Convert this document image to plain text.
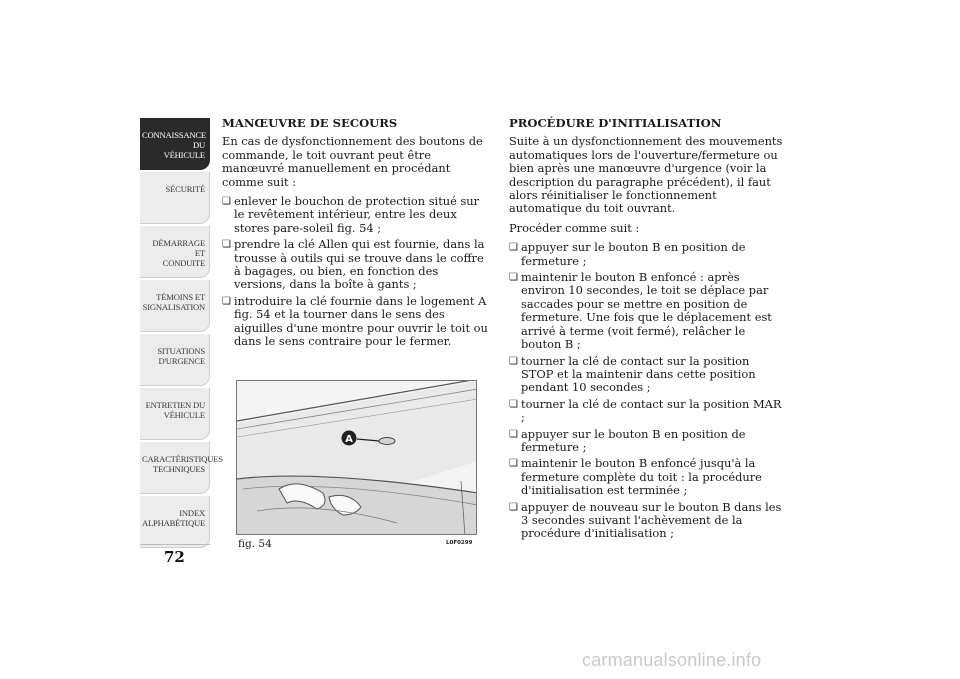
CONNAISSANCE DU
VÉHICULE
SÉCURITÉ
DÉMARRAGE ET
CONDUITE
TÉMOINS ET
SIGNALISATION
SITUATIONS
D'URGENCE
ENTRETIEN DU
VÉHICULE
CARACTÉRISTIQUES
TECHNIQUES
INDEX
ALPHABÉTIQUE
72
MANŒUVRE DE SECOURS
En cas de dysfonctionnement des boutons de commande, le toit ouvrant peut être manœuvré manuellement en procédant comme suit :
❏ enlever le bouchon de protection situé sur le revêtement intérieur, entre les deux stores pare-soleil fig. 54 ;
❏ prendre la clé Allen qui est fournie, dans la trousse à outils qui se trouve dans le coffre à bagages, ou bien, en fonction des versions, dans la boîte à gants ;
❏ introduire la clé fournie dans le logement A fig. 54 et la tourner dans le sens des aiguilles d'une montre pour ouvrir le toit ou dans le sens contraire pour le fermer.
PROCÉDURE D'INITIALISATION
Suite à un dysfonctionnement des mouvements automatiques lors de l'ouverture/fermeture ou bien après une manœuvre d'urgence (voir la description du paragraphe précédent), il faut alors réinitialiser le fonctionnement automatique du toit ouvrant.
Procéder comme suit :
❏ appuyer sur le bouton B en position de fermeture ;
❏ maintenir le bouton B enfoncé : après environ 10 secondes, le toit se déplace par saccades pour se mettre en position de fermeture. Une fois que le déplacement est arrivé à terme (voit fermé), relâcher le bouton B ;
❏ tourner la clé de contact sur la position STOP et la maintenir dans cette position pendant 10 secondes ;
❏ tourner la clé de contact sur la position MAR ;
❏ appuyer sur le bouton B en position de fermeture ;
❏ maintenir le bouton B enfoncé jusqu'à la fermeture complète du toit : la procédure d'initialisation est terminée ;
❏ appuyer de nouveau sur le bouton B dans les 3 secondes suivant l'achèvement de la procédure d'initialisation ;
A
fig. 54	L0F0299
carmanualsonline.info
